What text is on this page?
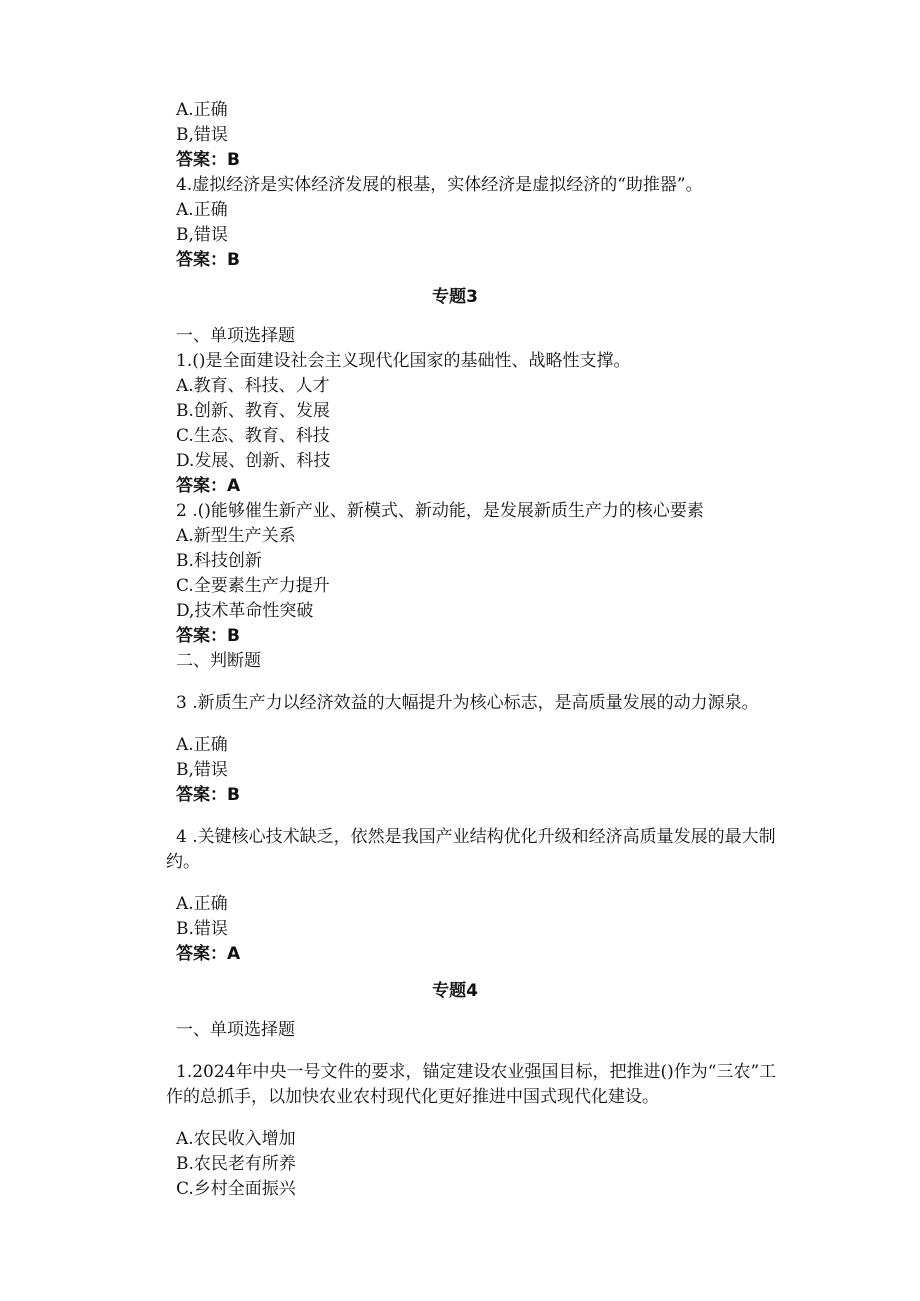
A.正确

B,错误

答案：B

4.虚拟经济是实体经济发展的根基，实体经济是虚拟经济的“助推器”。

A.正确

B,错误

答案：B

专题3

一、单项选择题

1.()是全面建设社会主义现代化国家的基础性、战略性支撑。

A.教育、科技、人才

B.创新、教育、发展

C.生态、教育、科技

D.发展、创新、科技

答案：A

2 .()能够催生新产业、新模式、新动能，是发展新质生产力的核心要素

A.新型生产关系

B.科技创新

C.全要素生产力提升

D,技术革命性突破

答案：B

二、判断题

3 .新质生产力以经济效益的大幅提升为核心标志，是高质量发展的动力源泉。

A.正确

B,错误

答案：B

4 .关键核心技术缺乏，依然是我国产业结构优化升级和经济高质量发展的最大制约。

A.正确

B.错误

答案：A

专题4

一、单项选择题

1.2024年中央一号文件的要求，锚定建设农业强国目标，把推进()作为“三农”工作的总抓手，以加快农业农村现代化更好推进中国式现代化建设。

A.农民收入增加

B.农民老有所养

C.乡村全面振兴
